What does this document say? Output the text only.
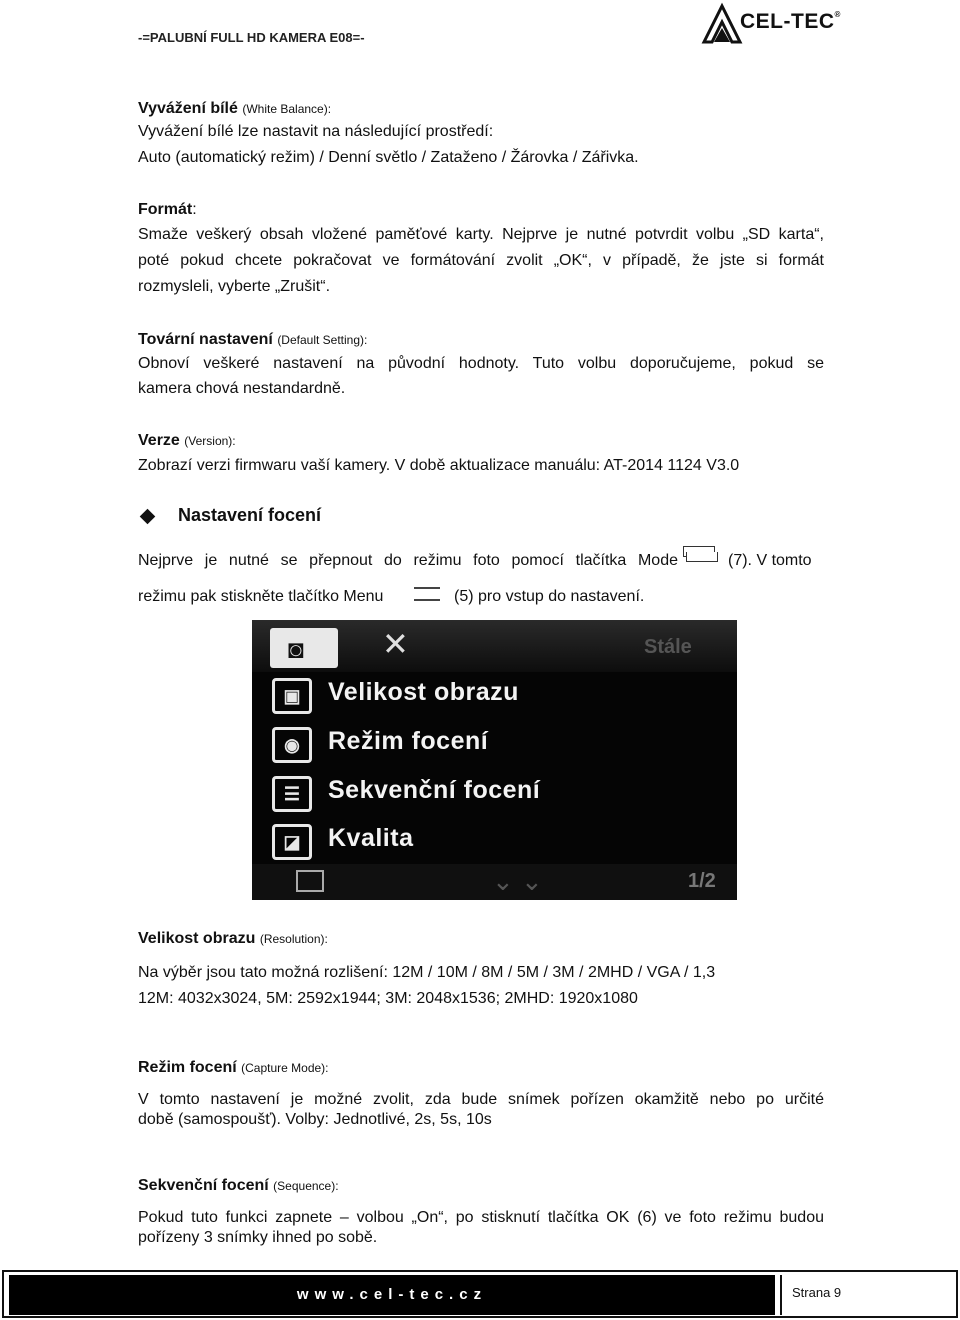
-=PALUBNÍ FULL HD KAMERA E08=-
CEL-TEC®
Vyvážení bílé (White Balance):
Vyvážení bílé lze nastavit na následující prostředí:
Auto (automatický režim) / Denní světlo / Zataženo / Žárovka / Zářivka.
Formát:
Smaže veškerý obsah vložené paměťové karty. Nejprve je nutné potvrdit volbu „SD karta“,
poté pokud chcete pokračovat ve formátování zvolit „OK“, v případě, že jste si formát
rozmysleli, vyberte „Zrušit“.
Tovární nastavení (Default Setting):
Obnoví veškeré nastavení na původní hodnoty. Tuto volbu doporučujeme, pokud se
kamera chová nestandardně.
Verze (Version):
Zobrazí verzi firmwaru vaší kamery. V době aktualizace manuálu: AT-2014 1124 V3.0
Nastavení focení
Nejprve je nutné se přepnout do režimu foto pomocí tlačítka Mode	(7). V tomto
režimu pak stiskněte tlačítko Menu	(5) pro vstup do nastavení.
◙ ✕	Stále
▣	Velikost obrazu
◉	Režim focení
☰	Sekvenční focení
◪	Kvalita
⌄ ⌄	1/2
Velikost obrazu (Resolution):
Na výběr jsou tato možná rozlišení: 12M / 10M / 8M / 5M / 3M / 2MHD / VGA / 1,3
12M: 4032x3024, 5M: 2592x1944; 3M: 2048x1536; 2MHD: 1920x1080
Režim focení (Capture Mode):
V tomto nastavení je možné zvolit, zda bude snímek pořízen okamžitě nebo po určité
době (samospoušť). Volby: Jednotlivé, 2s, 5s, 10s
Sekvenční focení (Sequence):
Pokud tuto funkci zapnete – volbou „On“, po stisknutí tlačítka OK (6) ve foto režimu budou
pořízeny 3 snímky ihned po sobě.
www.cel-tec.cz	Strana 9
